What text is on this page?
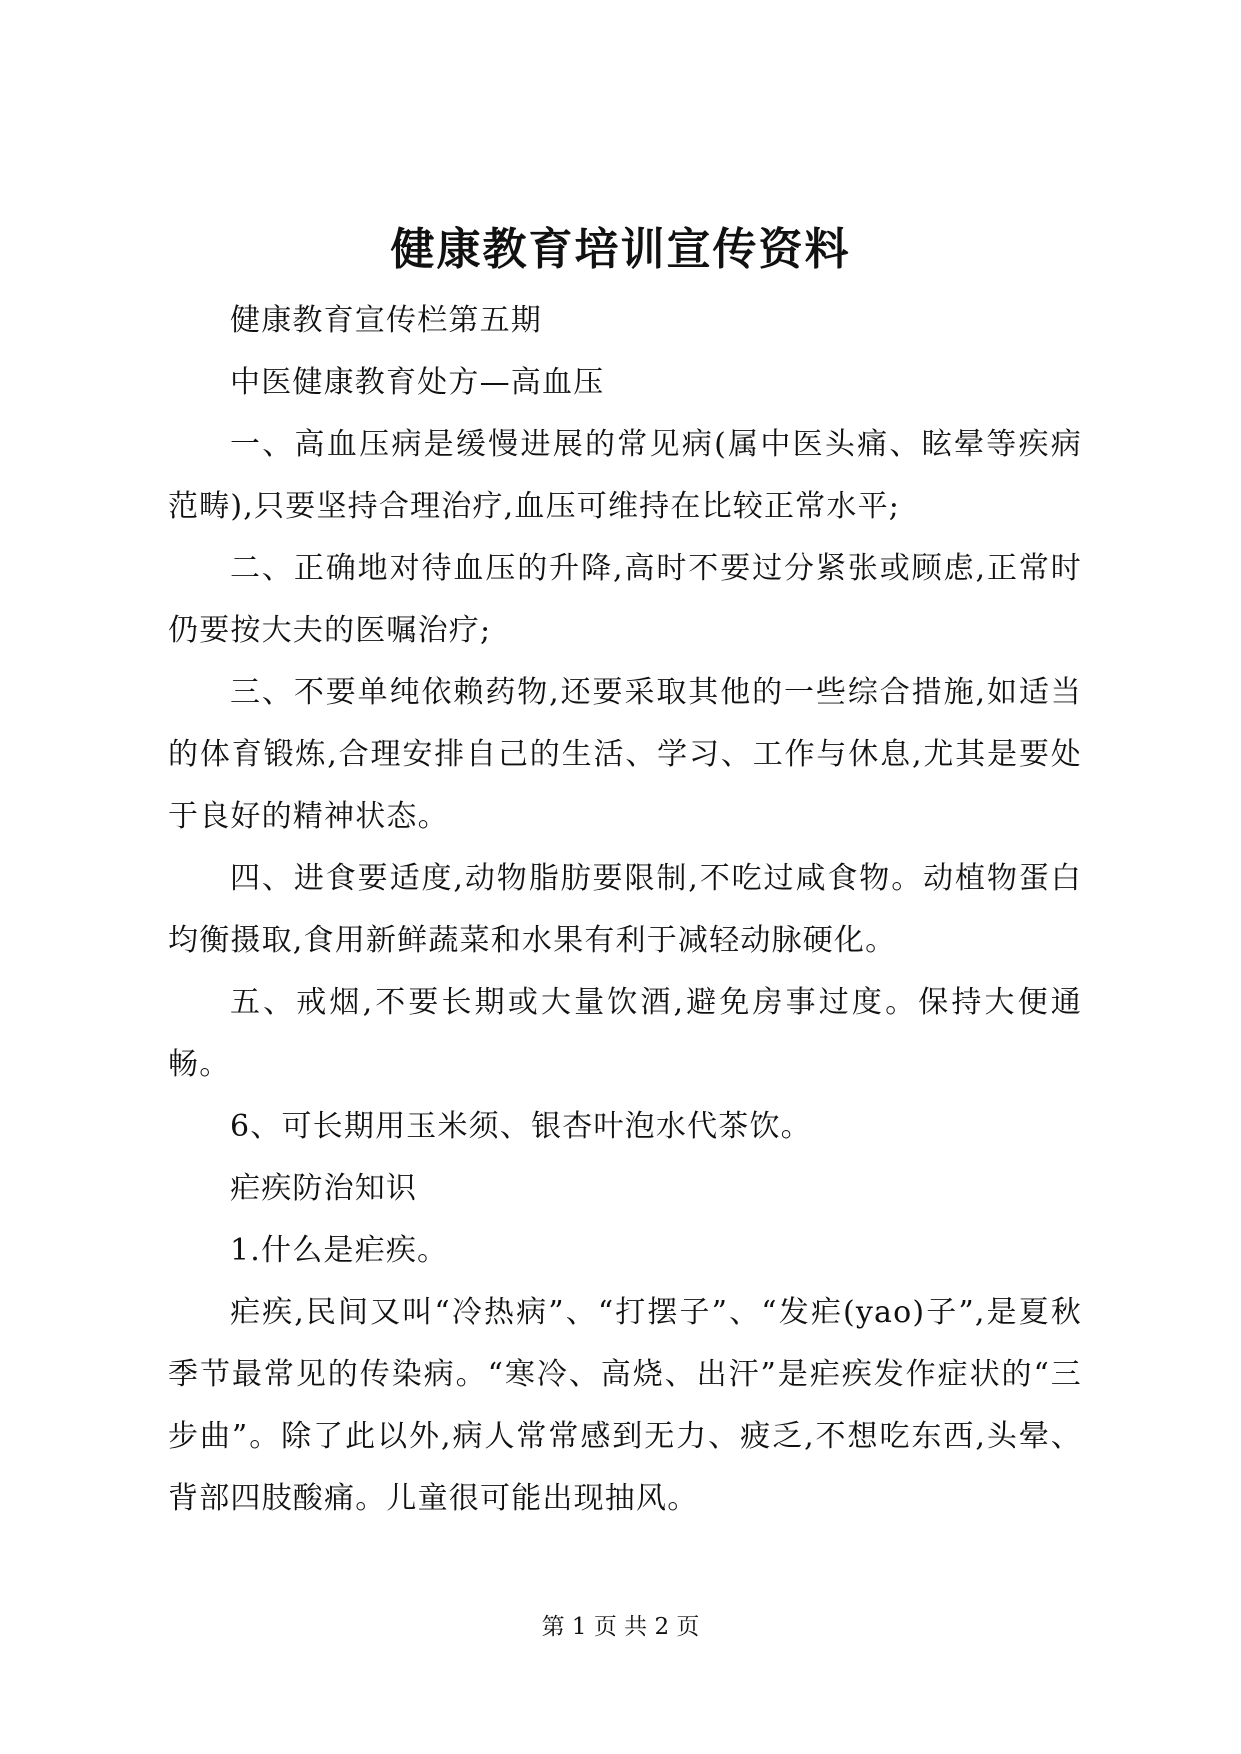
健康教育培训宣传资料

健康教育宣传栏第五期

中医健康教育处方—高血压

一、高血压病是缓慢进展的常见病(属中医头痛、眩晕等疾病范畴),只要坚持合理治疗,血压可维持在比较正常水平;

二、正确地对待血压的升降,高时不要过分紧张或顾虑,正常时仍要按大夫的医嘱治疗;

三、不要单纯依赖药物,还要采取其他的一些综合措施,如适当的体育锻炼,合理安排自己的生活、学习、工作与休息,尤其是要处于良好的精神状态。

四、进食要适度,动物脂肪要限制,不吃过咸食物。动植物蛋白均衡摄取,食用新鲜蔬菜和水果有利于减轻动脉硬化。

五、戒烟,不要长期或大量饮酒,避免房事过度。保持大便通畅。

6、可长期用玉米须、银杏叶泡水代茶饮。

疟疾防治知识

1.什么是疟疾。

疟疾,民间又叫“冷热病”、“打摆子”、“发疟(yao)子”,是夏秋季节最常见的传染病。“寒冷、高烧、出汗”是疟疾发作症状的“三步曲”。除了此以外,病人常常感到无力、疲乏,不想吃东西,头晕、背部四肢酸痛。儿童很可能出现抽风。

第 1 页 共 2 页
